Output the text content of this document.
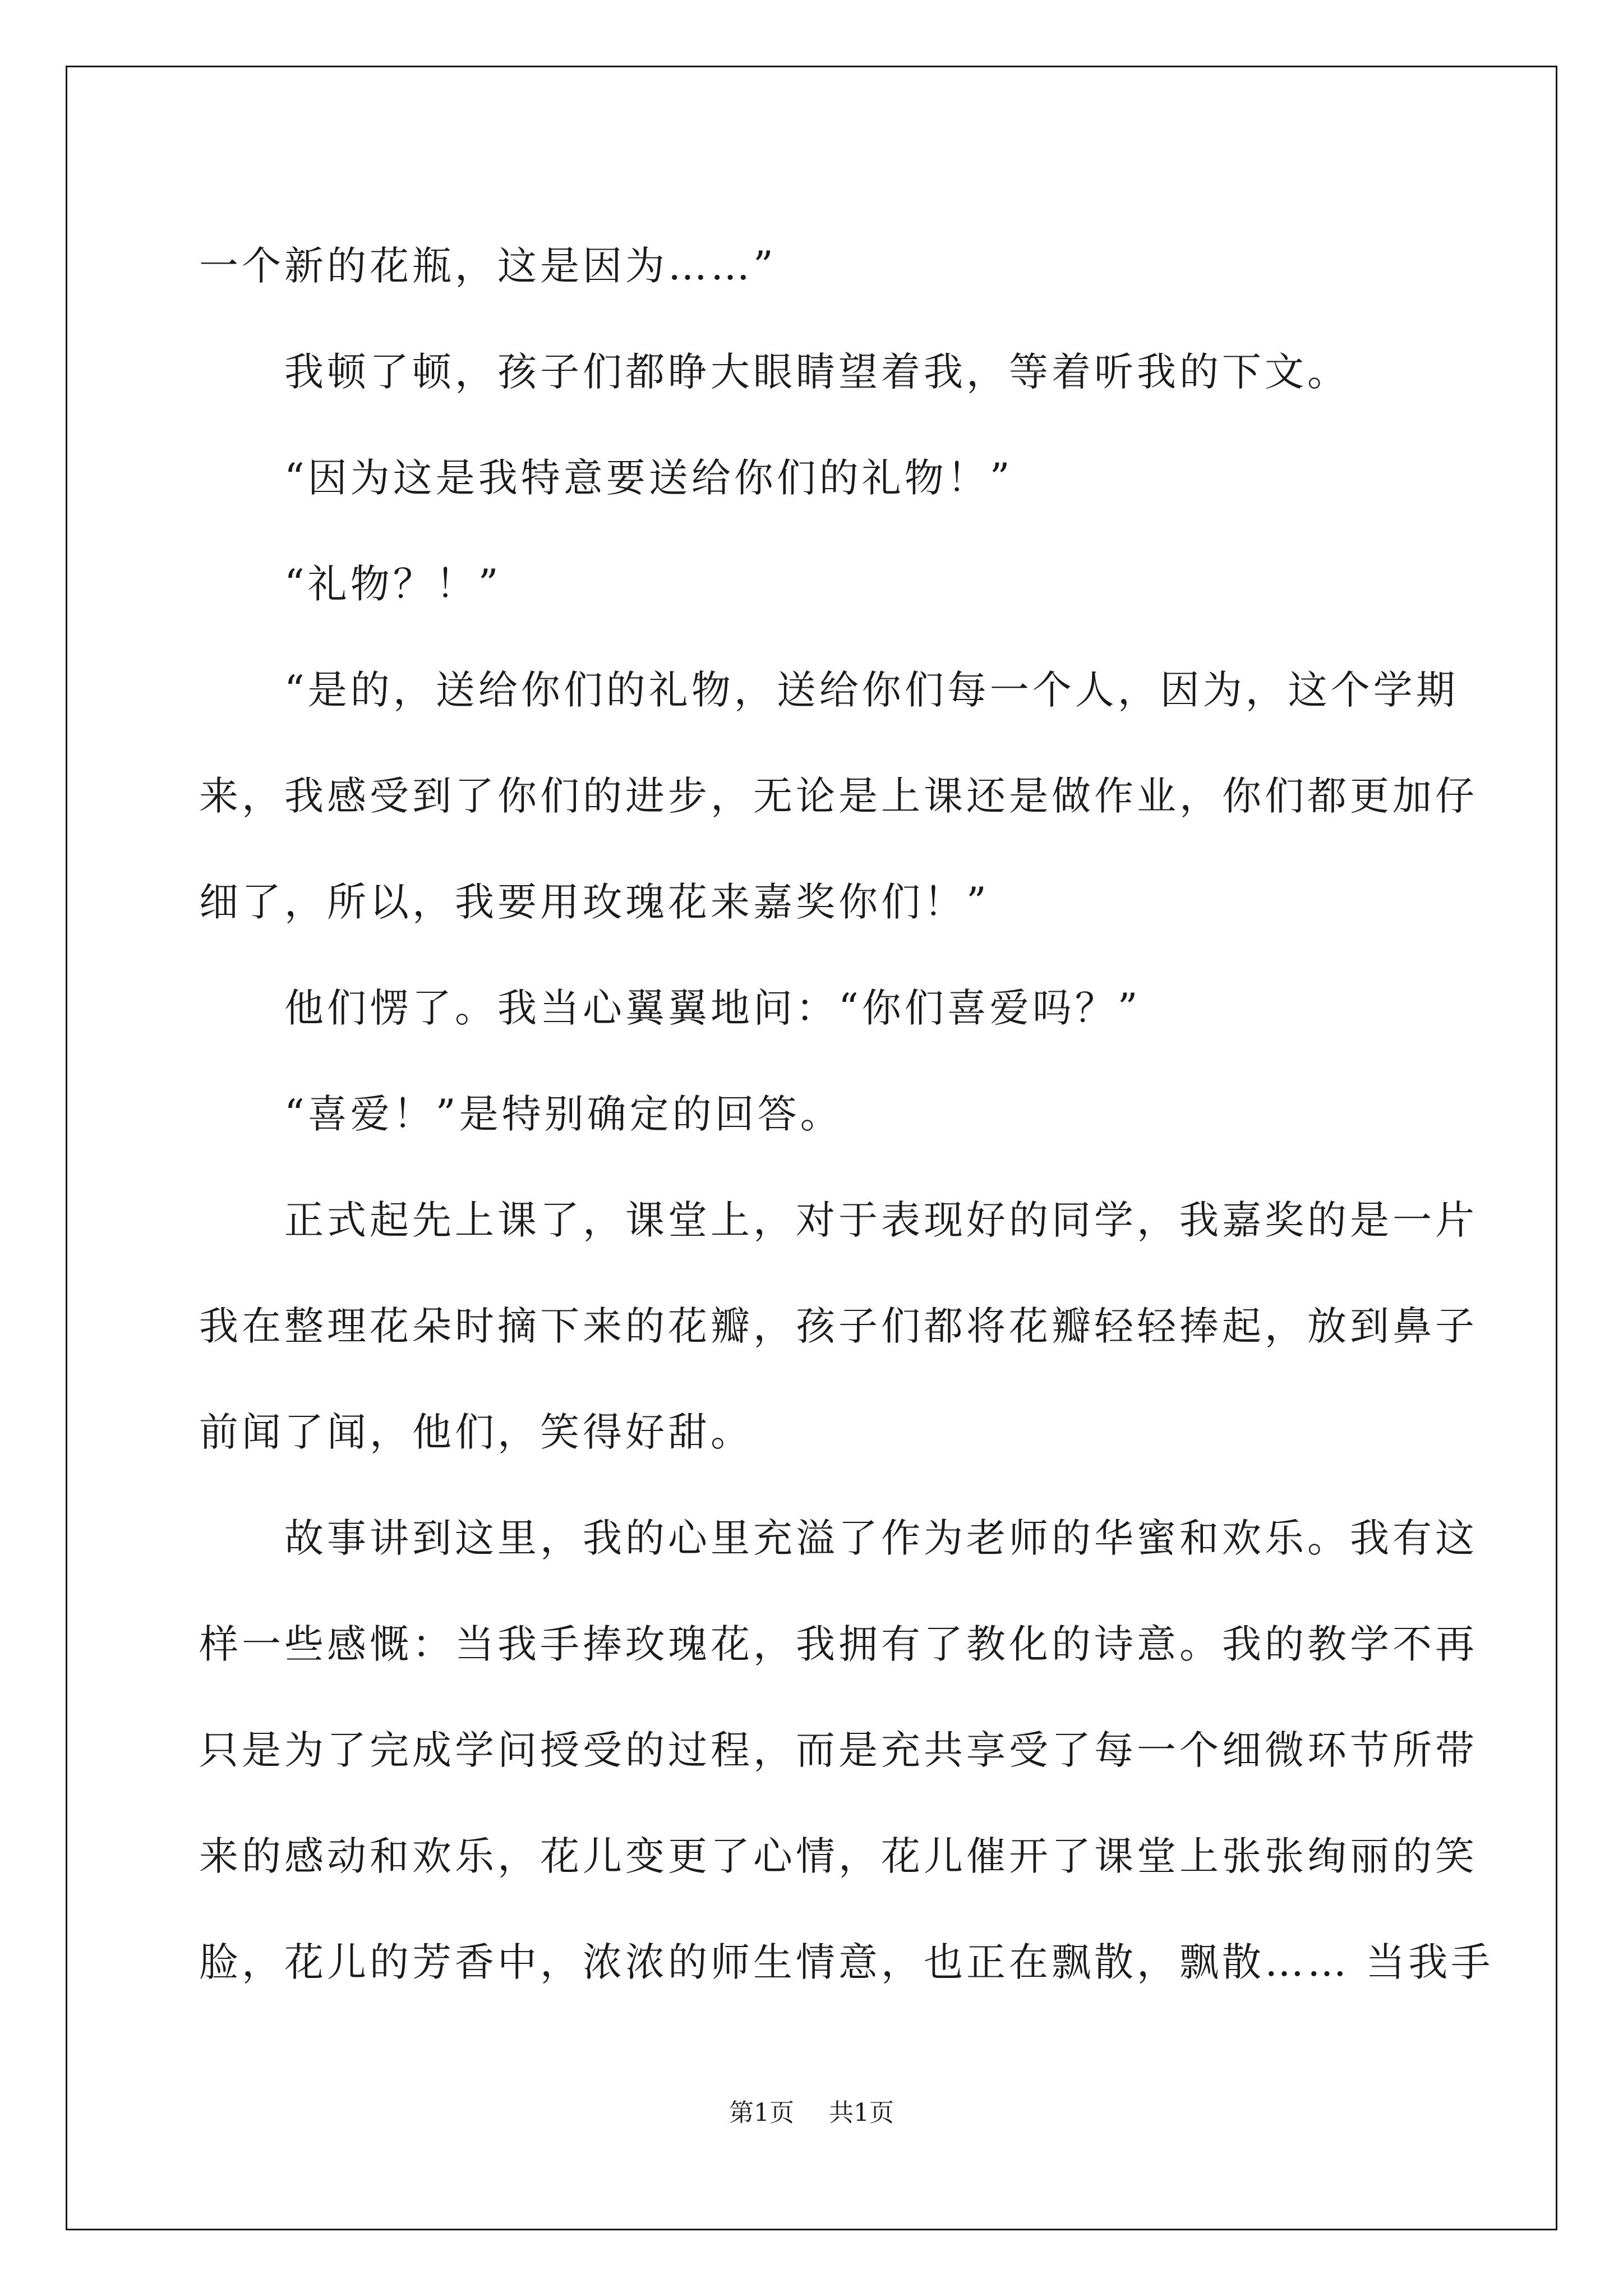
一个新的花瓶，这是因为……”
我顿了顿，孩子们都睁大眼睛望着我，等着听我的下文。
“因为这是我特意要送给你们的礼物！”
“礼物？！”
“是的，送给你们的礼物，送给你们每一个人，因为，这个学期
来，我感受到了你们的进步，无论是上课还是做作业，你们都更加仔
细了，所以，我要用玫瑰花来嘉奖你们！”
他们愣了。我当心翼翼地问：“你们喜爱吗？”
“喜爱！”是特别确定的回答。
正式起先上课了，课堂上，对于表现好的同学，我嘉奖的是一片
我在整理花朵时摘下来的花瓣，孩子们都将花瓣轻轻捧起，放到鼻子
前闻了闻，他们，笑得好甜。
故事讲到这里，我的心里充溢了作为老师的华蜜和欢乐。我有这
样一些感慨：当我手捧玫瑰花，我拥有了教化的诗意。我的教学不再
只是为了完成学问授受的过程，而是充共享受了每一个细微环节所带
来的感动和欢乐，花儿变更了心情，花儿催开了课堂上张张绚丽的笑
脸，花儿的芳香中，浓浓的师生情意，也正在飘散，飘散…… 当我手
第1页 共1页
